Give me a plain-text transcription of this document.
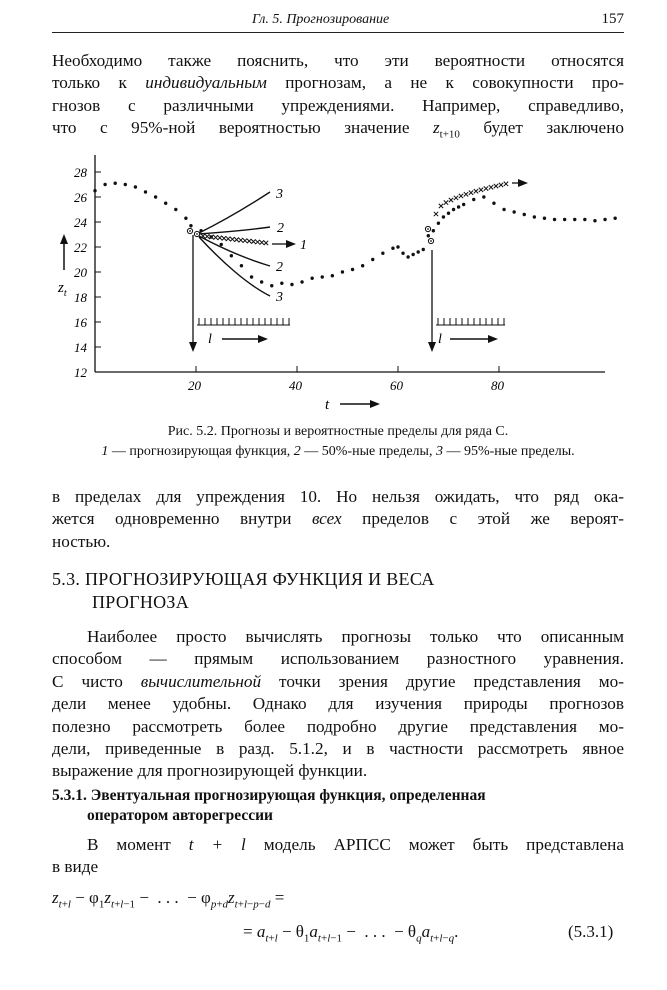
Гл. 5. Прогнозирование	157
Необходимо также пояснить, что эти вероятности относятся
только к индивидуальным прогнозам, а не к совокупности про-
гнозов с различными упреждениями. Например, справедливо,
что с 95%-ной вероятностью значение $z_{t+10}$ будет заключено
28
26
24
22
20
18
16
14
12
20	40	60	80
$z_t$
t
l
3
2
1
2
3
l
Рис. 5.2. Прогнозы и вероятностные пределы для ряда С.
1 — прогнозирующая функция, 2 — 50%-ные пределы, 3 — 95%-ные пределы.
в пределах для упреждения 10. Но нельзя ожидать, что ряд ока-
жется одновременно внутри всех пределов с этой же вероят-
ностью.
5.3. ПРОГНОЗИРУЮЩАЯ ФУНКЦИЯ И ВЕСА
ПРОГНОЗА
Наиболее просто вычислять прогнозы только что описанным
способом — прямым использованием разностного уравнения.
С чисто вычислительной точки зрения другие представления мо-
дели менее удобны. Однако для изучения природы прогнозов
полезно рассмотреть более подробно другие представления мо-
дели, приведенные в разд. 5.1.2, и в частности рассмотреть явное
выражение для прогнозирующей функции.
5.3.1. Эвентуальная прогнозирующая функция, определенная
оператором авторегрессии
В момент t + l модель АРПСС может быть представлена
в виде
$z_{t+l} - \varphi_1z_{t+l-1}$ −  . . .  − $\varphi_{p+d}z_{t+l-p-d}$ =
= $a_{t+l} - \theta_1a_{t+l-1}$ −  . . .  − $\theta_qa_{t+l-q}$.	(5.3.1)
